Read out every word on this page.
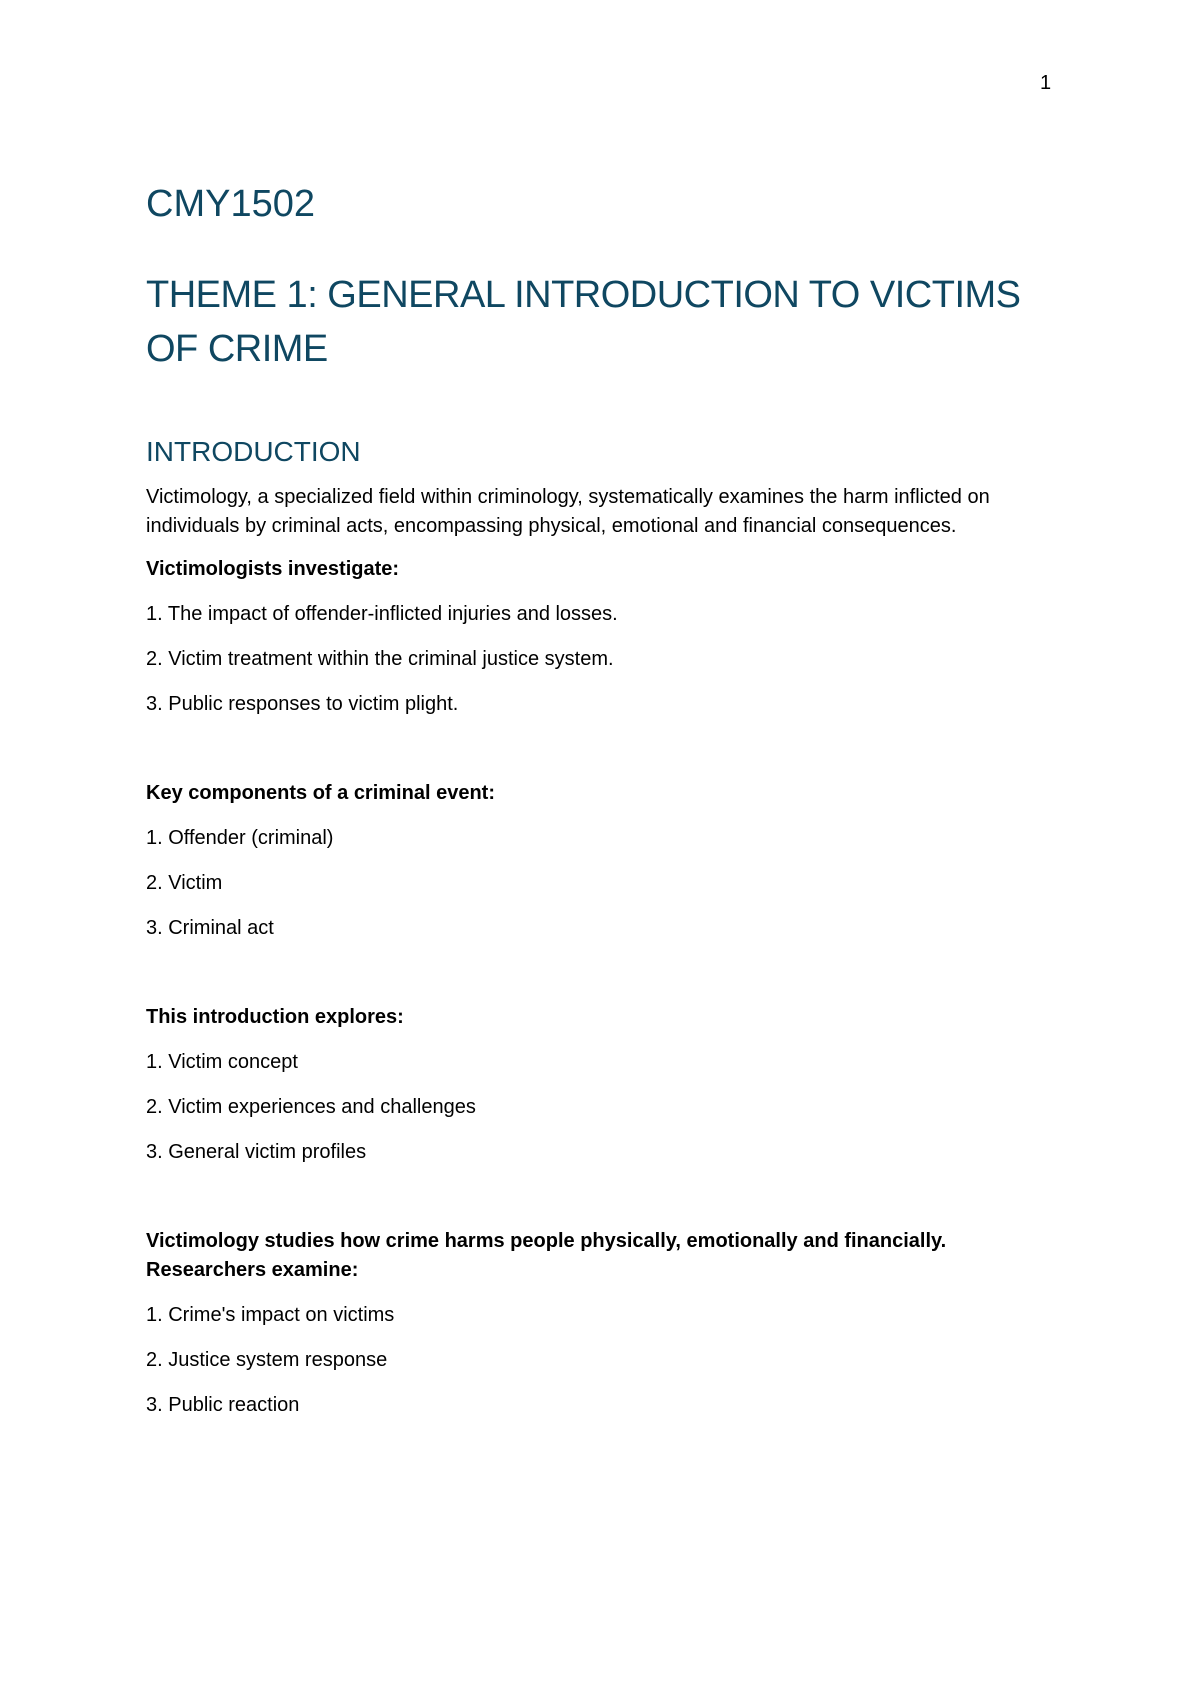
1
CMY1502
THEME 1: GENERAL INTRODUCTION TO VICTIMS OF CRIME
INTRODUCTION

Victimology, a specialized field within criminology, systematically examines the harm inflicted on individuals by criminal acts, encompassing physical, emotional and financial consequences.

Victimologists investigate:
1. The impact of offender-inflicted injuries and losses.
2. Victim treatment within the criminal justice system.
3. Public responses to victim plight.
Key components of a criminal event:
1. Offender (criminal)
2. Victim
3. Criminal act
This introduction explores:
1. Victim concept
2. Victim experiences and challenges
3. General victim profiles
Victimology studies how crime harms people physically, emotionally and financially.
Researchers examine:
1. Crime's impact on victims
2. Justice system response
3. Public reaction
